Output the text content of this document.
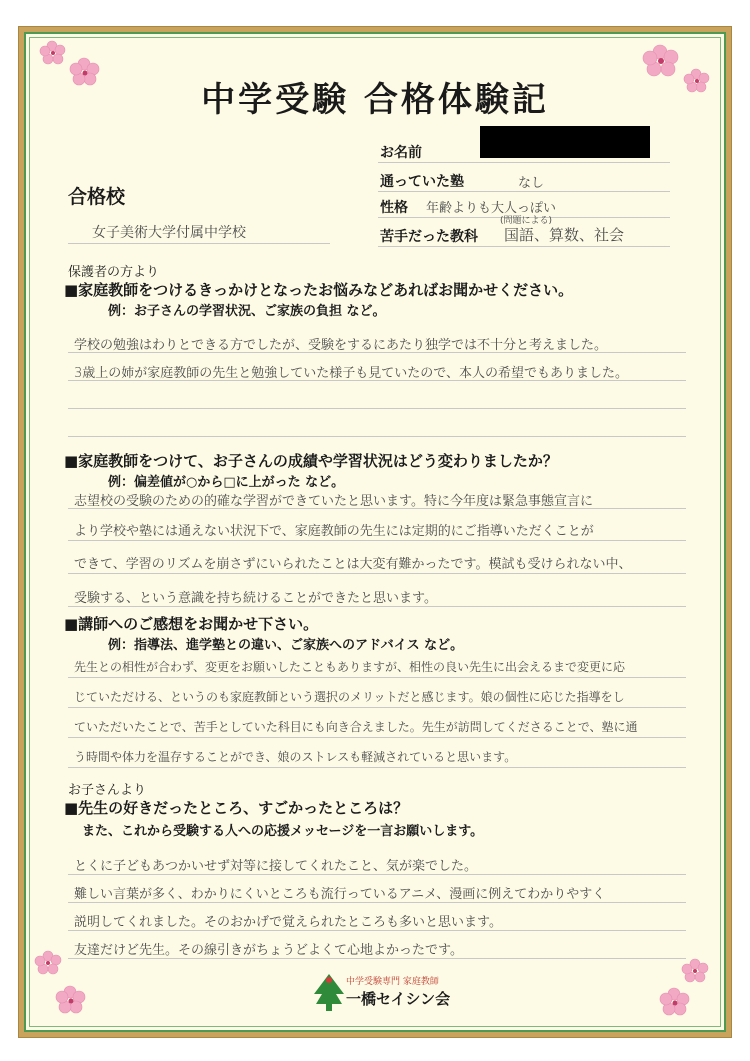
中学受験 合格体験記
お名前
通っていた塾	なし
性格 年齢よりも大人っぽい
苦手だった教科
(問題による)
国語、算数、社会
合格校
女子美術大学付属中学校
保護者の方より
■家庭教師をつけるきっかけとなったお悩みなどあればお聞かせください。
例：お子さんの学習状況、ご家族の負担 など。
学校の勉強はわりとできる方でしたが、受験をするにあたり独学では不十分と考えました。
3歳上の姉が家庭教師の先生と勉強していた様子も見ていたので、本人の希望でもありました。
■家庭教師をつけて、お子さんの成績や学習状況はどう変わりましたか？
例：偏差値が○から□に上がった など。
志望校の受験のための的確な学習ができていたと思います。特に今年度は緊急事態宣言に
より学校や塾には通えない状況下で、家庭教師の先生には定期的にご指導いただくことが
できて、学習のリズムを崩さずにいられたことは大変有難かったです。模試も受けられない中、
受験する、という意識を持ち続けることができたと思います。
■講師へのご感想をお聞かせ下さい。
例：指導法、進学塾との違い、ご家族へのアドバイス など。
先生との相性が合わず、変更をお願いしたこともありますが、相性の良い先生に出会えるまで変更に応
じていただける、というのも家庭教師という選択のメリットだと感じます。娘の個性に応じた指導をし
ていただいたことで、苦手としていた科目にも向き合えました。先生が訪問してくださることで、塾に通
う時間や体力を温存することができ、娘のストレスも軽減されていると思います。
お子さんより
■先生の好きだったところ、すごかったところは？
また、これから受験する人への応援メッセージを一言お願いします。
とくに子どもあつかいせず対等に接してくれたこと、気が楽でした。
難しい言葉が多く、わかりにくいところも流行っているアニメ、漫画に例えてわかりやすく
説明してくれました。そのおかげで覚えられたところも多いと思います。
友達だけど先生。その線引きがちょうどよくて心地よかったです。
中学受験専門 家庭教師
一橋セイシン会
